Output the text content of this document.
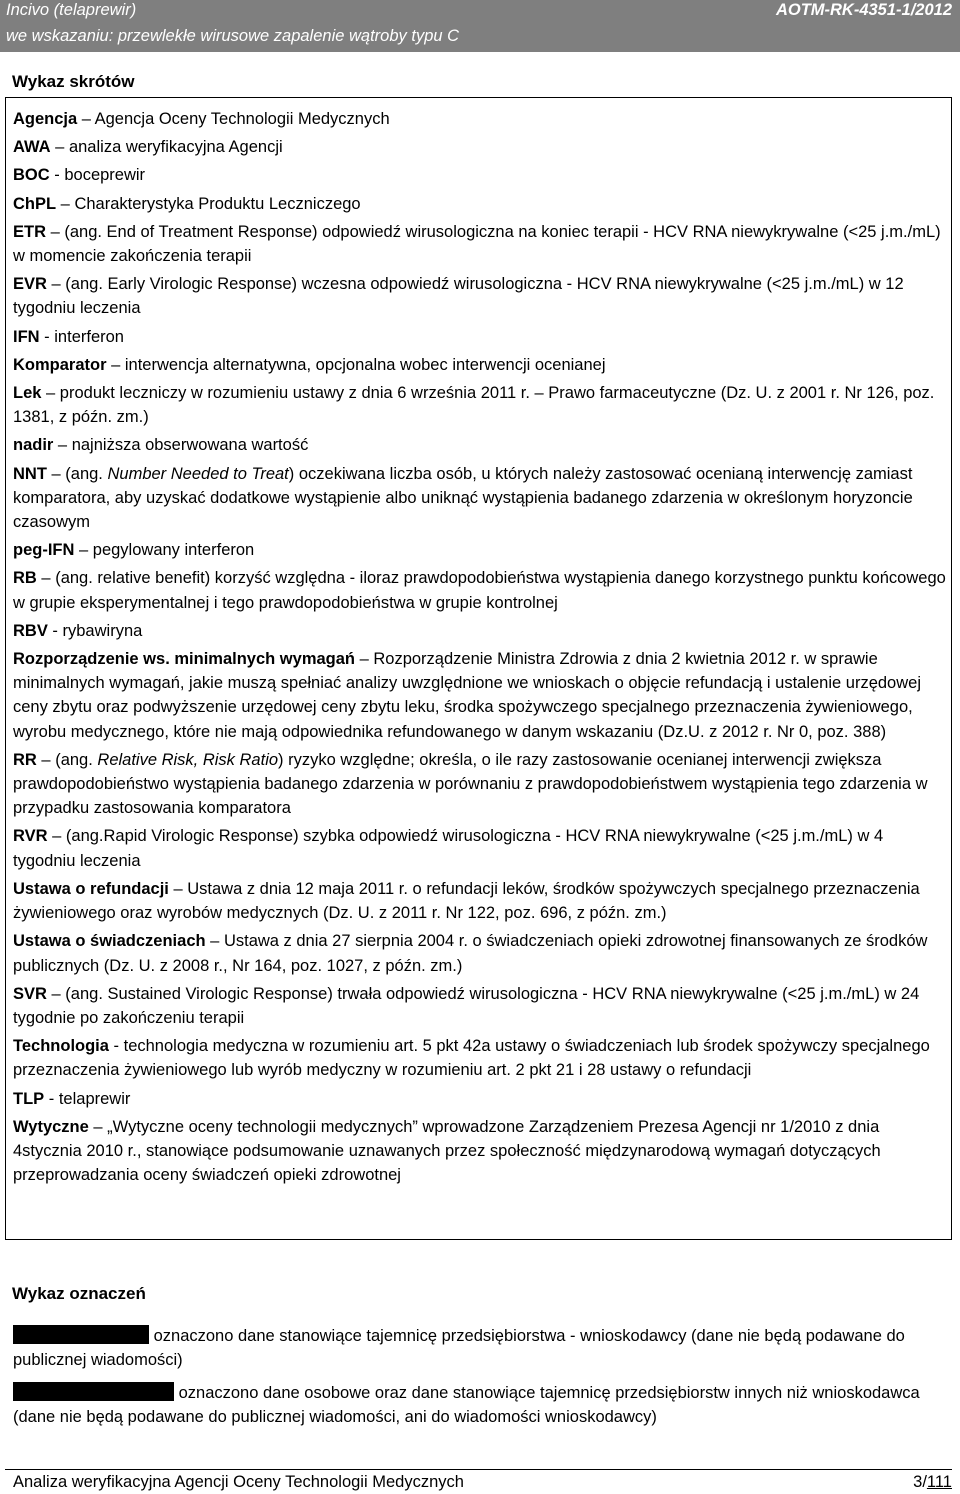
Incivo (telaprewir)	AOTM-RK-4351-1/2012
we wskazaniu: przewlekłe wirusowe zapalenie wątroby typu C
Wykaz skrótów
Agencja – Agencja Oceny Technologii Medycznych
AWA – analiza weryfikacyjna Agencji
BOC - boceprewir
ChPL – Charakterystyka Produktu Leczniczego
ETR – (ang. End of Treatment Response) odpowiedź wirusologiczna na koniec terapii - HCV RNA niewykrywalne (<25 j.m./mL) w momencie zakończenia terapii
EVR – (ang. Early Virologic Response) wczesna odpowiedź wirusologiczna - HCV RNA niewykrywalne (<25 j.m./mL) w 12 tygodniu leczenia
IFN - interferon
Komparator – interwencja alternatywna, opcjonalna wobec interwencji ocenianej
Lek – produkt leczniczy w rozumieniu ustawy z dnia 6 września 2011 r. – Prawo farmaceutyczne (Dz. U. z 2001 r. Nr 126, poz. 1381, z późn. zm.)
nadir – najniższa obserwowana wartość
NNT – (ang. Number Needed to Treat) oczekiwana liczba osób, u których należy zastosować ocenianą interwencję zamiast komparatora, aby uzyskać dodatkowe wystąpienie albo uniknąć wystąpienia badanego zdarzenia w określonym horyzoncie czasowym
peg-IFN – pegylowany interferon
RB – (ang. relative benefit) korzyść względna - iloraz prawdopodobieństwa wystąpienia danego korzystnego punktu końcowego w grupie eksperymentalnej i tego prawdopodobieństwa w grupie kontrolnej
RBV - rybawiryna
Rozporządzenie ws. minimalnych wymagań – Rozporządzenie Ministra Zdrowia z dnia 2 kwietnia 2012 r. w sprawie minimalnych wymagań, jakie muszą spełniać analizy uwzględnione we wnioskach o objęcie refundacją i ustalenie urzędowej ceny zbytu oraz podwyższenie urzędowej ceny zbytu leku, środka spożywczego specjalnego przeznaczenia żywieniowego, wyrobu medycznego, które nie mają odpowiednika refundowanego w danym wskazaniu (Dz.U. z 2012 r. Nr 0, poz. 388)
RR – (ang. Relative Risk, Risk Ratio) ryzyko względne; określa, o ile razy zastosowanie ocenianej interwencji zwiększa prawdopodobieństwo wystąpienia badanego zdarzenia w porównaniu z prawdopodobieństwem wystąpienia tego zdarzenia w przypadku zastosowania komparatora
RVR – (ang.Rapid Virologic Response) szybka odpowiedź wirusologiczna - HCV RNA niewykrywalne (<25 j.m./mL) w 4 tygodniu leczenia
Ustawa o refundacji – Ustawa z dnia 12 maja 2011 r. o refundacji leków, środków spożywczych specjalnego przeznaczenia żywieniowego oraz wyrobów medycznych (Dz. U. z 2011 r. Nr 122, poz. 696, z późn. zm.)
Ustawa o świadczeniach – Ustawa z dnia 27 sierpnia 2004 r. o świadczeniach opieki zdrowotnej finansowanych ze środków publicznych (Dz. U. z 2008 r., Nr 164, poz. 1027, z późn. zm.)
SVR – (ang. Sustained Virologic Response) trwała odpowiedź wirusologiczna - HCV RNA niewykrywalne (<25 j.m./mL) w 24 tygodnie po zakończeniu terapii
Technologia - technologia medyczna w rozumieniu art. 5 pkt 42a ustawy o świadczeniach lub środek spożywczy specjalnego przeznaczenia żywieniowego lub wyrób medyczny w rozumieniu art. 2 pkt 21 i 28 ustawy o refundacji
TLP - telaprewir
Wytyczne – „Wytyczne oceny technologii medycznych” wprowadzone Zarządzeniem Prezesa Agencji nr 1/2010 z dnia 4stycznia 2010 r., stanowiące podsumowanie uznawanych przez społeczność międzynarodową wymagań dotyczących przeprowadzania oceny świadczeń opieki zdrowotnej
Wykaz oznaczeń
oznaczono dane stanowiące tajemnicę przedsiębiorstwa - wnioskodawcy (dane nie będą podawane do publicznej wiadomości)
oznaczono dane osobowe oraz dane stanowiące tajemnicę przedsiębiorstw innych niż wnioskodawca (dane nie będą podawane do publicznej wiadomości, ani do wiadomości wnioskodawcy)
Analiza weryfikacyjna Agencji Oceny Technologii Medycznych	3/111
